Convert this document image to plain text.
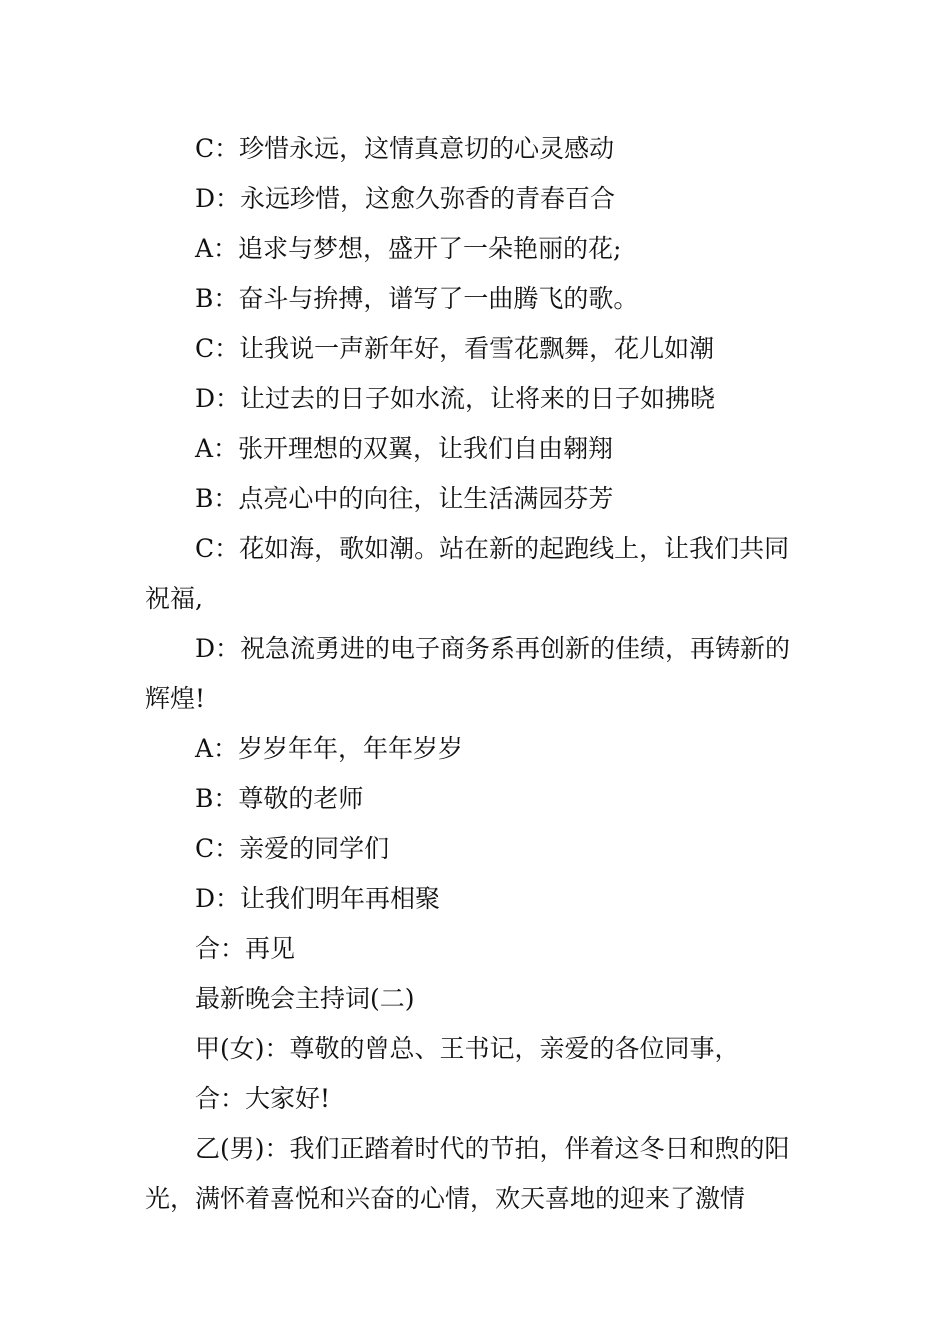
C：珍惜永远，这情真意切的心灵感动

D：永远珍惜，这愈久弥香的青春百合

A：追求与梦想，盛开了一朵艳丽的花;

B：奋斗与拚搏，谱写了一曲腾飞的歌。

C：让我说一声新年好，看雪花飘舞，花儿如潮

D：让过去的日子如水流，让将来的日子如拂晓

A：张开理想的双翼，让我们自由翱翔

B：点亮心中的向往，让生活满园芬芳

C：花如海，歌如潮。站在新的起跑线上，让我们共同祝福,

D：祝急流勇进的电子商务系再创新的佳绩，再铸新的辉煌!

A：岁岁年年，年年岁岁

B：尊敬的老师

C：亲爱的同学们

D：让我们明年再相聚

合：再见

最新晚会主持词(二)

甲(女)：尊敬的曾总、王书记，亲爱的各位同事，

合：大家好!

乙(男)：我们正踏着时代的节拍，伴着这冬日和煦的阳光，满怀着喜悦和兴奋的心情，欢天喜地的迎来了激情
